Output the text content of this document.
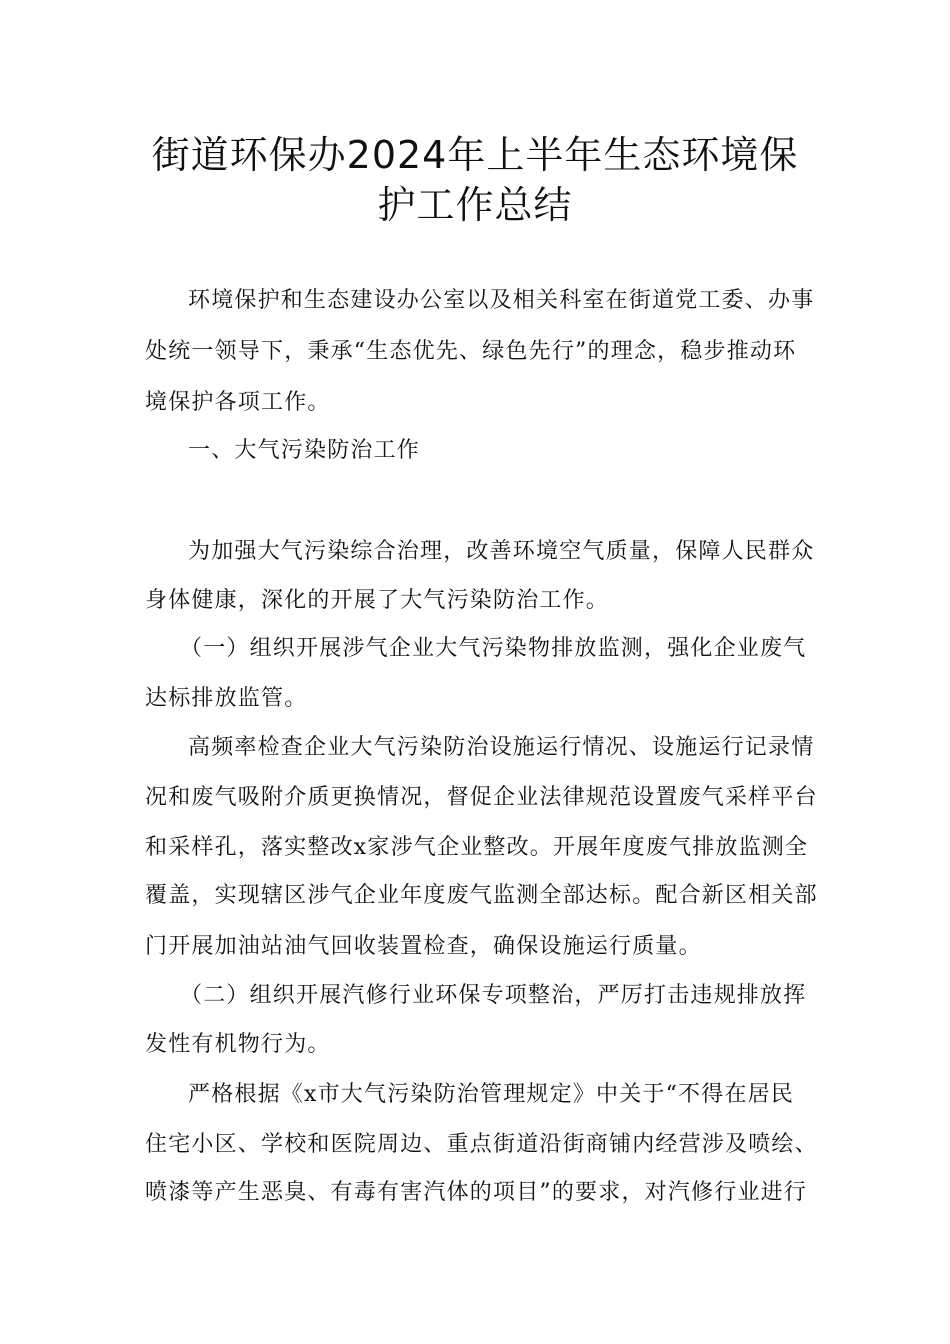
街道环保办2024年上半年生态环境保
护工作总结
环境保护和生态建设办公室以及相关科室在街道党工委、办事
处统一领导下，秉承“生态优先、绿色先行”的理念，稳步推动环
境保护各项工作。
一、大气污染防治工作
为加强大气污染综合治理，改善环境空气质量，保障人民群众
身体健康，深化的开展了大气污染防治工作。
（一）组织开展涉气企业大气污染物排放监测，强化企业废气
达标排放监管。
高频率检查企业大气污染防治设施运行情况、设施运行记录情
况和废气吸附介质更换情况，督促企业法律规范设置废气采样平台
和采样孔，落实整改x家涉气企业整改。开展年度废气排放监测全
覆盖，实现辖区涉气企业年度废气监测全部达标。配合新区相关部
门开展加油站油气回收装置检查，确保设施运行质量。
（二）组织开展汽修行业环保专项整治，严厉打击违规排放挥
发性有机物行为。
严格根据《x市大气污染防治管理规定》中关于“不得在居民
住宅小区、学校和医院周边、重点街道沿街商铺内经营涉及喷绘、
喷漆等产生恶臭、有毒有害汽体的项目”的要求，对汽修行业进行
